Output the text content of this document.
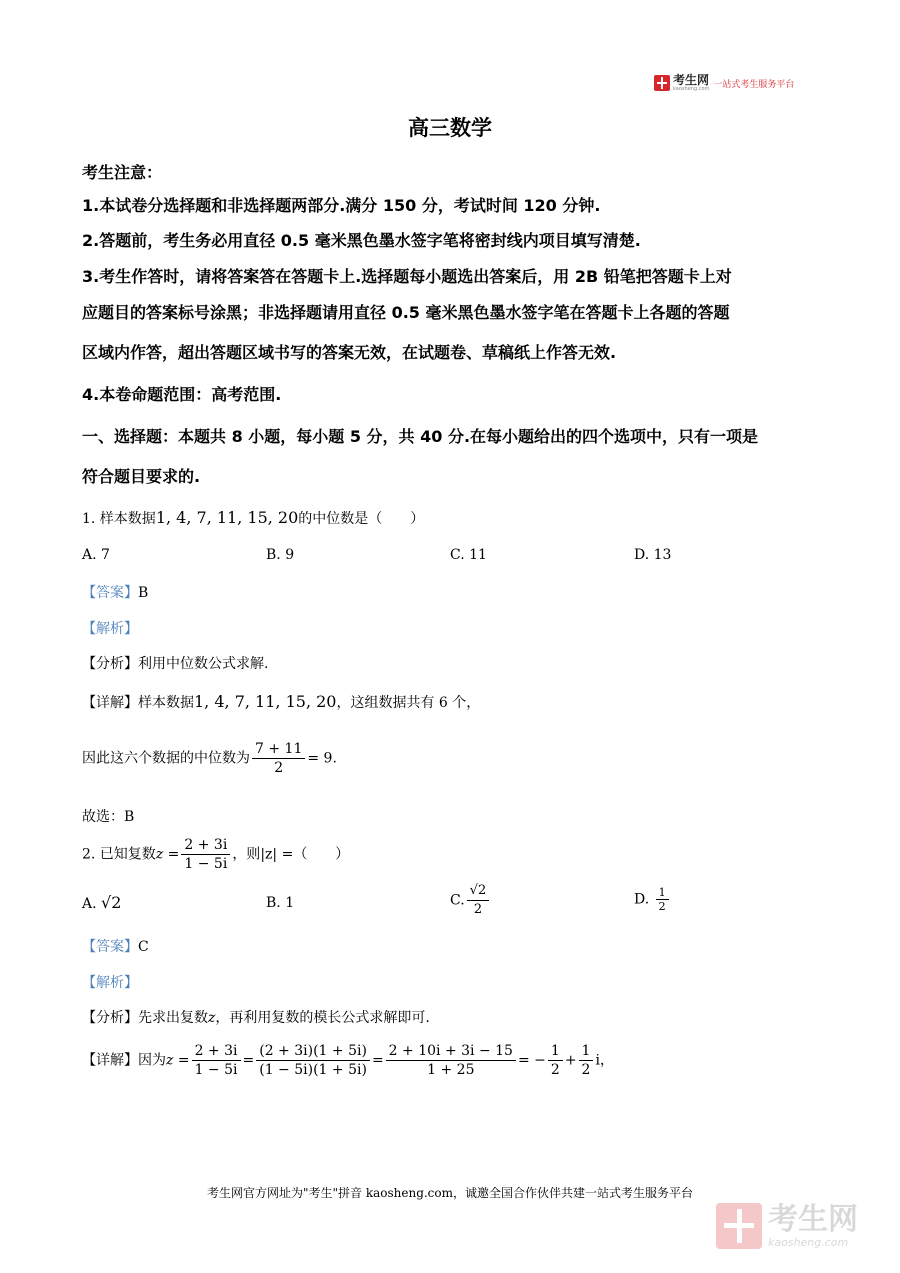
考生网
kaosheng.com 一站式考生服务平台
高三数学
考生注意：
1.本试卷分选择题和非选择题两部分.满分 150 分，考试时间 120 分钟.
2.答题前，考生务必用直径 0.5 毫米黑色墨水签字笔将密封线内项目填写清楚.
3.考生作答时，请将答案答在答题卡上.选择题每小题选出答案后，用 2B 铅笔把答题卡上对
应题目的答案标号涂黑；非选择题请用直径 0.5 毫米黑色墨水签字笔在答题卡上各题的答题
区域内作答，超出答题区域书写的答案无效，在试题卷、草稿纸上作答无效.
4.本卷命题范围：高考范围.
一、选择题：本题共 8 小题，每小题 5 分，共 40 分.在每小题给出的四个选项中，只有一项是
符合题目要求的.
1. 样本数据1, 4, 7, 11, 15, 20的中位数是（　　）
A. 7	B. 9	C. 11	D. 13
【答案】B
【解析】
【分析】利用中位数公式求解.
【详解】样本数据1, 4, 7, 11, 15, 20，这组数据共有 6 个，
因此这六个数据的中位数为 $\frac{7 + 11}{2} = 9$.
故选：B
2. 已知复数$z = \frac{2 + 3i}{1 - 5i}$ ，则|z| =（　　）
A. √2	B. 1	C. $\frac{√2}{2}$	D. $\frac{1}{2}$
【答案】C
【解析】
【分析】先求出复数z，再利用复数的模长公式求解即可.
【详解】因为$z = \frac{2 + 3i}{1 - 5i} = \frac{(2 + 3i)(1 + 5i)}{(1 - 5i)(1 + 5i)} = \frac{2 + 10i + 3i - 15}{1 + 25}$ = − $\frac{1}{2} + \frac{1}{2}$ i，
考生网官方网址为"考生"拼音 kaosheng.com，诚邀全国合作伙伴共建一站式考生服务平台
考生网
kaosheng.com
